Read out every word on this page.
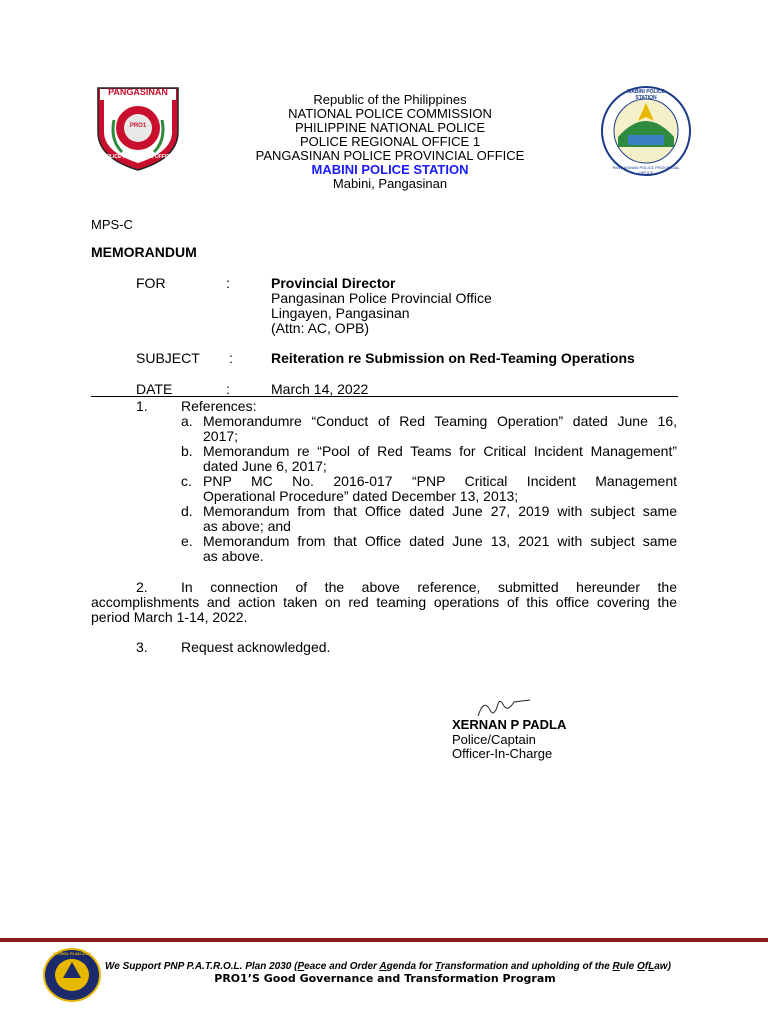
PANGASINAN
PRO1
POLICE PROVINCIAL OFFICE
Republic of the Philippines
NATIONAL POLICE COMMISSION
PHILIPPINE NATIONAL POLICE
POLICE REGIONAL OFFICE 1
PANGASINAN POLICE PROVINCIAL OFFICE
MABINI POLICE STATION
Mabini, Pangasinan
MABINI POLICE STATION
PANGASINAN POLICE PROVINCIAL OFFICE
MPS-C
MEMORANDUM
FOR	:	Provincial Director
Pangasinan Police Provincial Office
Lingayen, Pangasinan
(Attn: AC, OPB)
SUBJECT :	Reiteration re Submission on Red-Teaming Operations
DATE	:	March 14, 2022
1. References:
a. Memorandumre “Conduct of Red Teaming Operation” dated June 16,
2017;
b. Memorandum re “Pool of Red Teams for Critical Incident Management”
dated June 6, 2017;
c. PNP MC No. 2016-017 “PNP Critical Incident Management
Operational Procedure” dated December 13, 2013;
d. Memorandum from that Office dated June 27, 2019 with subject same
as above; and
e. Memorandum from that Office dated June 13, 2021 with subject same
as above.
2. In connection of the above reference, submitted hereunder the
accomplishments and action taken on red teaming operations of this office covering the
period March 1-14, 2022.
3. Request acknowledged.
XERNAN P PADLA
Police/Captain
Officer-In-Charge
PATROL PLAN 2030
We Support PNP P.A.T.R.O.L. Plan 2030 (Peace and Order Agenda for Transformation and upholding of the Rule OfLaw)
PRO1’S Good Governance and Transformation Program
